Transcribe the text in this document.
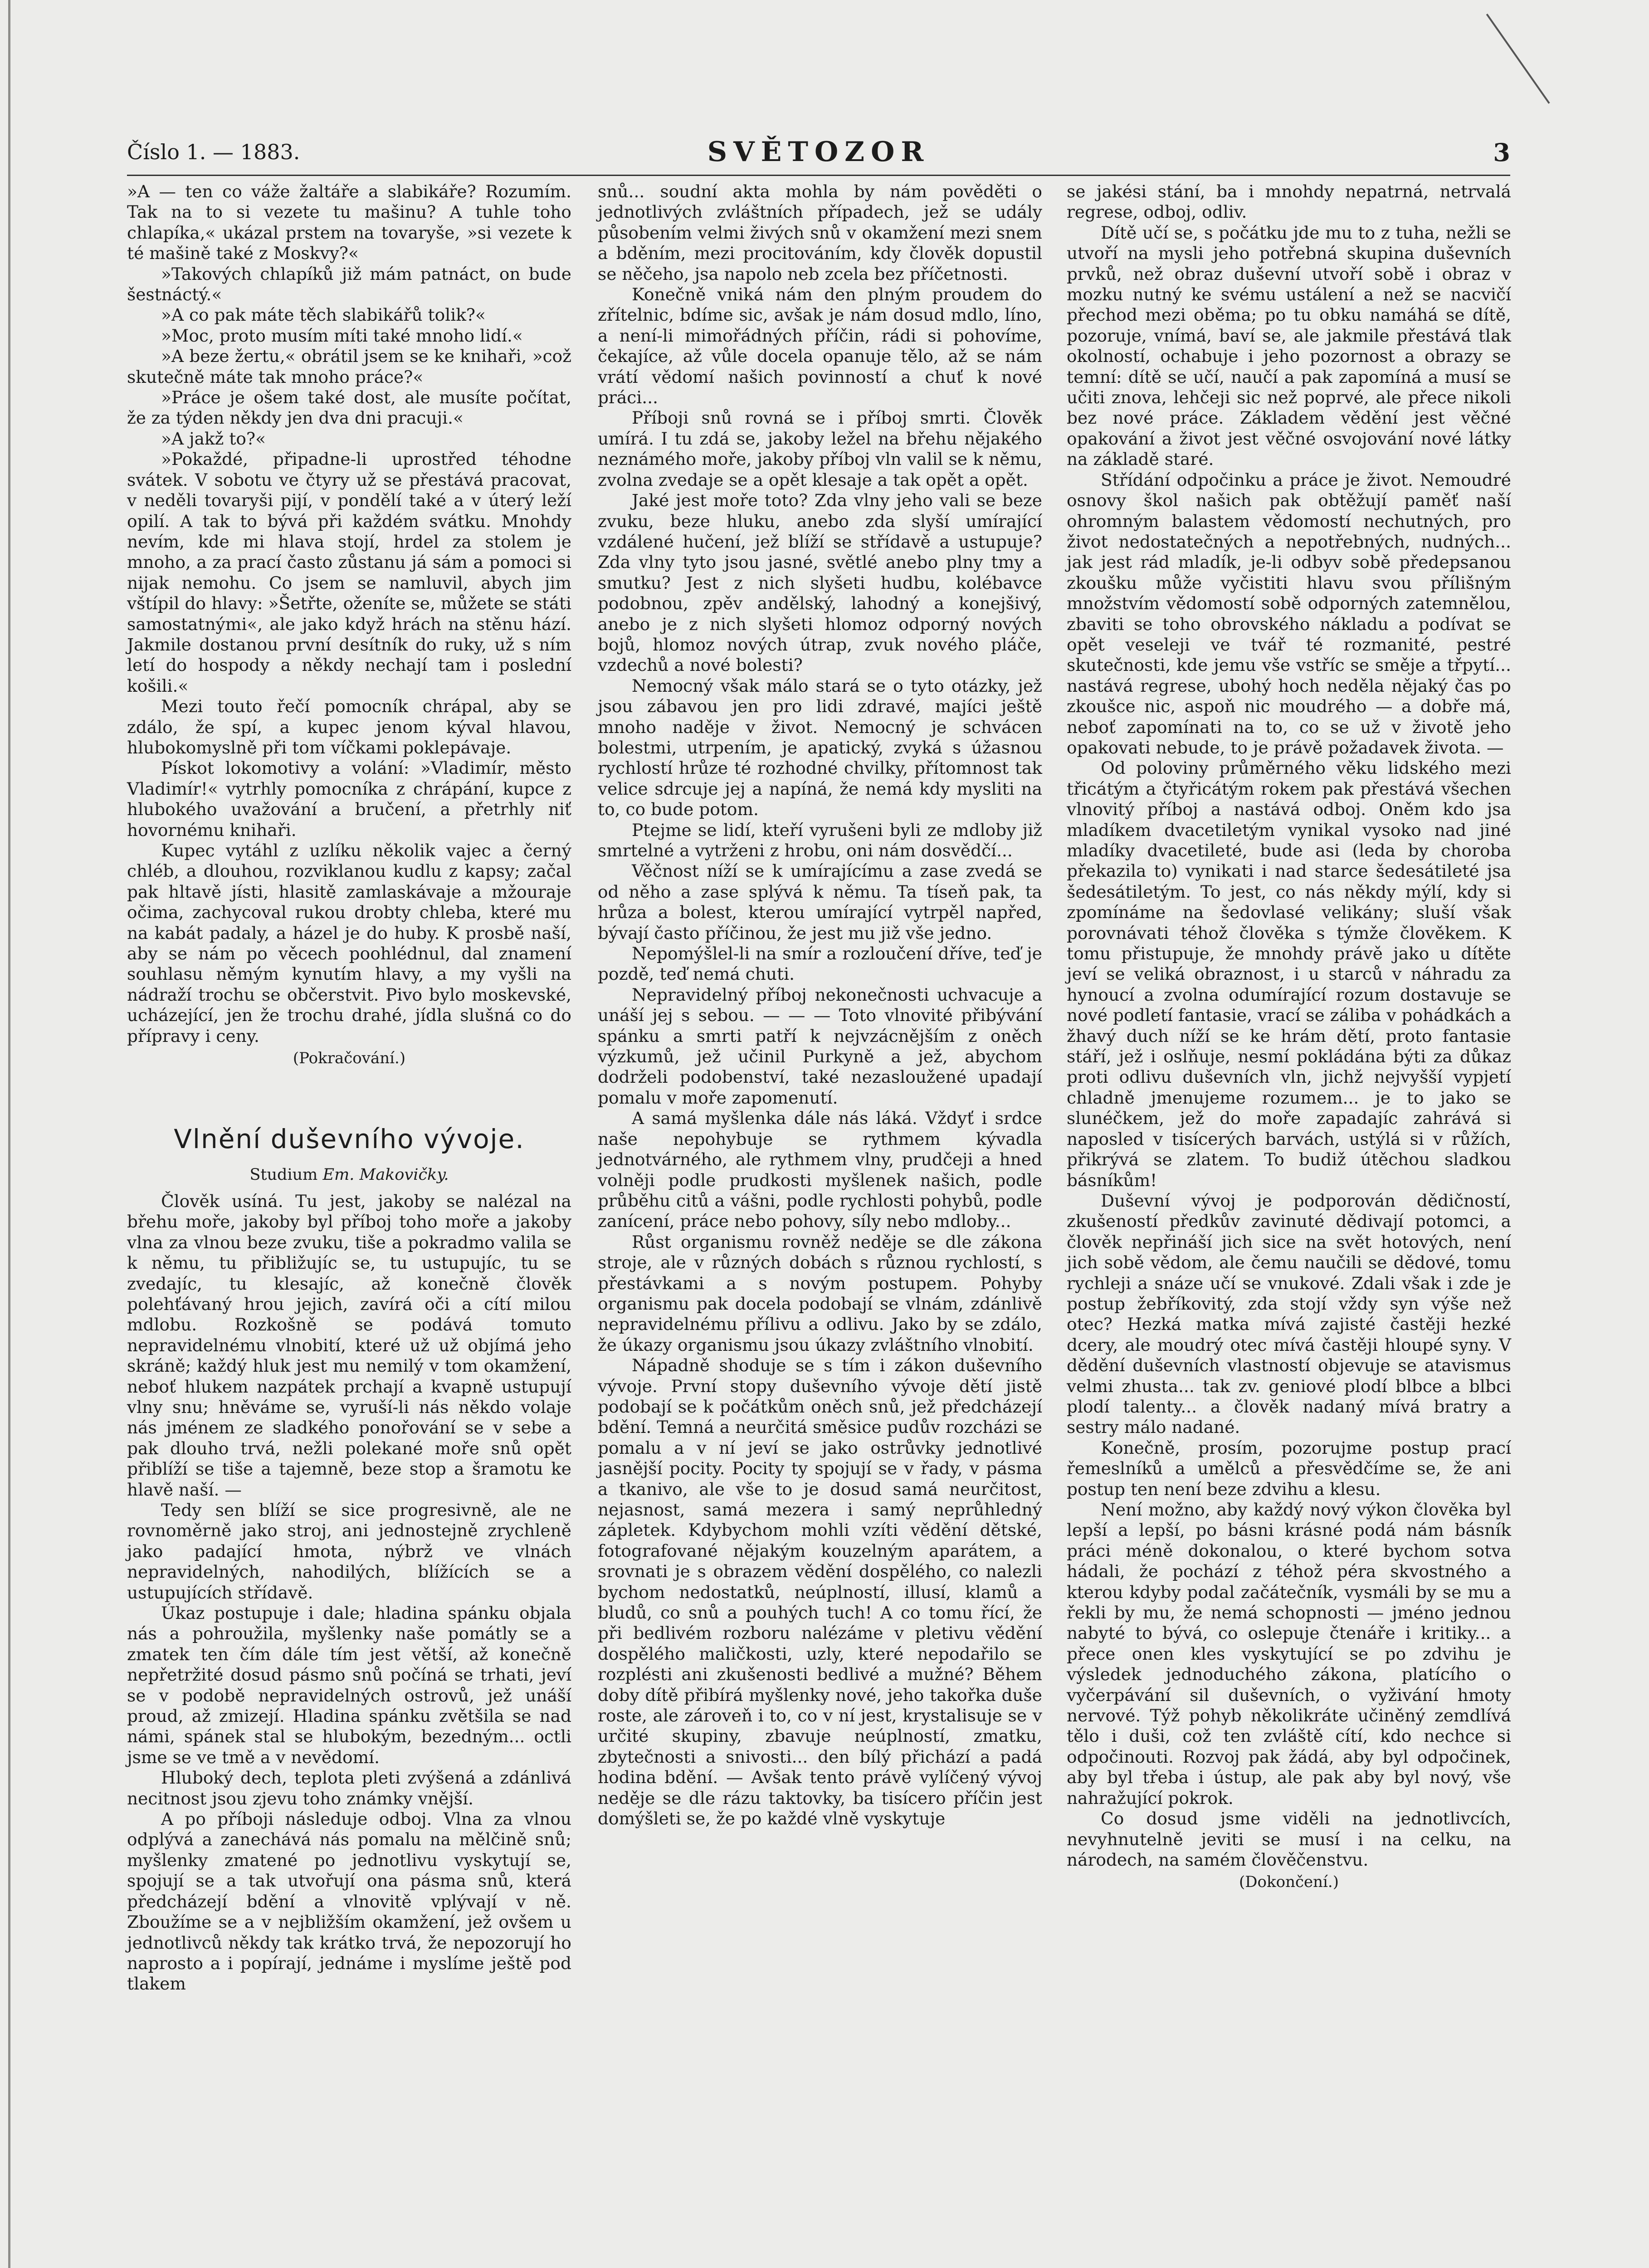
Číslo 1. — 1883.	SVĚTOZOR	3

»A — ten co váže žaltáře a slabikáře? Rozumím. Tak na to si vezete tu mašinu? A tuhle toho chlapíka,« ukázal prstem na tovaryše, »si vezete k té mašině také z Moskvy?«

»Takových chlapíků již mám patnáct, on bude šestnáctý.«

»A co pak máte těch slabikářů tolik?«

»Moc, proto musím míti také mnoho lidí.«

»A beze žertu,« obrátil jsem se ke knihaři, »což skutečně máte tak mnoho práce?«

»Práce je ošem také dost, ale musíte počítat, že za týden někdy jen dva dni pracuji.«

»A jakž to?«

»Pokaždé, připadne-li uprostřed téhodne svátek. V sobotu ve čtyry už se přestává pracovat, v neděli tovaryši pijí, v pondělí také a v úterý leží opilí. A tak to bývá při každém svátku. Mnohdy nevím, kde mi hlava stojí, hrdel za stolem je mnoho, a za prací často zůstanu já sám a pomoci si nijak nemohu. Co jsem se namluvil, abych jim vštípil do hlavy: »Šetřte, oženíte se, můžete se státi samostatnými«, ale jako když hrách na stěnu hází. Jakmile dostanou první desítník do ruky, už s ním letí do hospody a někdy nechají tam i poslední košili.«

Mezi touto řečí pomocník chrápal, aby se zdálo, že spí, a kupec jenom kýval hlavou, hlubokomyslně při tom víčkami poklepávaje.

Pískot lokomotivy a volání: »Vladimír, město Vladimír!« vytrhly pomocníka z chrápání, kupce z hlubokého uvažování a bručení, a přetrhly niť hovornému knihaři.

Kupec vytáhl z uzlíku několik vajec a černý chléb, a dlouhou, rozviklanou kudlu z kapsy; začal pak hltavě jísti, hlasitě zamlaskávaje a mžouraje očima, zachycoval rukou drobty chleba, které mu na kabát padaly, a házel je do huby. K prosbě naší, aby se nám po věcech poohlédnul, dal znamení souhlasu němým kynutím hlavy, a my vyšli na nádraží trochu se občerstvit. Pivo bylo moskevské, ucházející, jen že trochu drahé, jídla slušná co do přípravy i ceny.

(Pokračování.)
Vlnění duševního vývoje.
Studium Em. Makovičky.

Člověk usíná. Tu jest, jakoby se nalézal na břehu moře, jakoby byl příboj toho moře a jakoby vlna za vlnou beze zvuku, tiše a pokradmo valila se k němu, tu přibližujíc se, tu ustupujíc, tu se zvedajíc, tu klesajíc, až konečně člověk polehťávaný hrou jejich, zavírá oči a cítí milou mdlobu. Rozkošně se podává tomuto nepravidelnému vlnobití, které už už objímá jeho skráně; každý hluk jest mu nemilý v tom okamžení, neboť hlukem nazpátek prchají a kvapně ustupují vlny snu; hněváme se, vyruší-li nás někdo volaje nás jménem ze sladkého ponořování se v sebe a pak dlouho trvá, nežli polekané moře snů opět přiblíží se tiše a tajemně, beze stop a šramotu ke hlavě naší. —

Tedy sen blíží se sice progresivně, ale ne rovnoměrně jako stroj, ani jednostejně zrychleně jako padající hmota, nýbrž ve vlnách nepravidelných, nahodilých, blížících se a ustupujících střídavě.

Úkaz postupuje i dale; hladina spánku objala nás a pohroužila, myšlenky naše pomátly se a zmatek ten čím dále tím jest větší, až konečně nepřetržité dosud pásmo snů počíná se trhati, jeví se v podobě nepravidelných ostrovů, jež unáší proud, až zmizejí. Hladina spánku zvětšila se nad námi, spánek stal se hlubokým, bezedným... octli jsme se ve tmě a v nevědomí.

Hluboký dech, teplota pleti zvýšená a zdánlivá necitnost jsou zjevu toho známky vnější.

A po příboji následuje odboj. Vlna za vlnou odplývá a zanechává nás pomalu na mělčině snů; myšlenky zmatené po jednotlivu vyskytují se, spojují se a tak utvořují ona pásma snů, která předcházejí bdění a vlnovitě vplývají v ně. Zboužíme se a v nejbližším okamžení, jež ovšem u jednotlivců někdy tak krátko trvá, že nepozorují ho naprosto a i popírají, jednáme i myslíme ještě pod tlakem

snů... soudní akta mohla by nám pověděti o jednotlivých zvláštních případech, jež se udály působením velmi živých snů v okamžení mezi snem a bděním, mezi procitováním, kdy člověk dopustil se něčeho, jsa napolo neb zcela bez příčetnosti.

Konečně vniká nám den plným proudem do zřítelnic, bdíme sic, avšak je nám dosud mdlo, líno, a není-li mimořádných příčin, rádi si pohovíme, čekajíce, až vůle docela opanuje tělo, až se nám vrátí vědomí našich povinností a chuť k nové práci...

Příboji snů rovná se i příboj smrti. Člověk umírá. I tu zdá se, jakoby ležel na břehu nějakého neznámého moře, jakoby příboj vln valil se k němu, zvolna zvedaje se a opět klesaje a tak opět a opět.

Jaké jest moře toto? Zda vlny jeho vali se beze zvuku, beze hluku, anebo zda slyší umírající vzdálené hučení, jež blíží se střídavě a ustupuje? Zda vlny tyto jsou jasné, světlé anebo plny tmy a smutku? Jest z nich slyšeti hudbu, kolébavce podobnou, zpěv andělský, lahodný a konejšivý, anebo je z nich slyšeti hlomoz odporný nových bojů, hlomoz nových útrap, zvuk nového pláče, vzdechů a nové bolesti?

Nemocný však málo stará se o tyto otázky, jež jsou zábavou jen pro lidi zdravé, majíci ještě mnoho naděje v život. Nemocný je schvácen bolestmi, utrpením, je apatický, zvyká s úžasnou rychlostí hrůze té rozhodné chvilky, přítomnost tak velice sdrcuje jej a napíná, že nemá kdy mysliti na to, co bude potom.

Ptejme se lidí, kteří vyrušeni byli ze mdloby již smrtelné a vytrženi z hrobu, oni nám dosvědčí...

Věčnost níží se k umírajícímu a zase zvedá se od něho a zase splývá k němu. Ta tíseň pak, ta hrůza a bolest, kterou umírající vytrpěl napřed, bývají často příčinou, že jest mu již vše jedno.

Nepomýšlel-li na smír a rozloučení dříve, teď je pozdě, teď nemá chuti.

Nepravidelný příboj nekonečnosti uchvacuje a unáší jej s sebou. — — — Toto vlnovité přibývání spánku a smrti patří k nejvzácnějším z oněch výzkumů, jež učinil Purkyně a jež, abychom dodrželi podobenství, také nezasloužené upadají pomalu v moře zapomenutí.

A samá myšlenka dále nás láká. Vždyť i srdce naše nepohybuje se rythmem kývadla jednotvárného, ale rythmem vlny, prudčeji a hned volněji podle prudkosti myšlenek našich, podle průběhu citů a vášni, podle rychlosti pohybů, podle zanícení, práce nebo pohovy, síly nebo mdloby...

Růst organismu rovněž neděje se dle zákona stroje, ale v různých dobách s různou rychlostí, s přestávkami a s novým postupem. Pohyby organismu pak docela podobají se vlnám, zdánlivě nepravidelnému přílivu a odlivu. Jako by se zdálo, že úkazy organismu jsou úkazy zvláštního vlnobití.

Nápadně shoduje se s tím i zákon duševního vývoje. První stopy duševního vývoje dětí jistě podobají se k počátkům oněch snů, jež předcházejí bdění. Temná a neurčitá směsice pudův rozcházi se pomalu a v ní jeví se jako ostrůvky jednotlivé jasnější pocity. Pocity ty spojují se v řady, v pásma a tkanivo, ale vše to je dosud samá neurčitost, nejasnost, samá mezera i samý neprůhledný zápletek. Kdybychom mohli vzíti vědění dětské, fotografované nějakým kouzelným aparátem, a srovnati je s obrazem vědění dospělého, co nalezli bychom nedostatků, neúplností, illusí, klamů a bludů, co snů a pouhých tuch! A co tomu řící, že při bedlivém rozboru nalézáme v pletivu vědění dospělého maličkosti, uzly, které nepodařilo se rozplésti ani zkušenosti bedlivé a mužné? Během doby dítě přibírá myšlenky nové, jeho takořka duše roste, ale zároveň i to, co v ní jest, krystalisuje se v určité skupiny, zbavuje neúplností, zmatku, zbytečnosti a snivosti... den bílý přichází a padá hodina bdění. — Avšak tento právě vylíčený vývoj neděje se dle rázu taktovky, ba tisícero příčin jest domýšleti se, že po každé vlně vyskytuje

se jakési stání, ba i mnohdy nepatrná, netrvalá regrese, odboj, odliv.

Dítě učí se, s počátku jde mu to z tuha, nežli se utvoří na mysli jeho potřebná skupina duševních prvků, než obraz duševní utvoří sobě i obraz v mozku nutný ke svému ustálení a než se nacvičí přechod mezi oběma; po tu obku namáhá se dítě, pozoruje, vnímá, baví se, ale jakmile přestává tlak okolností, ochabuje i jeho pozornost a obrazy se temní: dítě se učí, naučí a pak zapomíná a musí se učiti znova, lehčeji sic než poprvé, ale přece nikoli bez nové práce. Základem vědění jest věčné opakování a život jest věčné osvojování nové látky na základě staré.

Střídání odpočinku a práce je život. Nemoudré osnovy škol našich pak obtěžují paměť naší ohromným balastem vědomostí nechutných, pro život nedostatečných a nepotřebných, nudných... jak jest rád mladík, je-li odbyv sobě předepsanou zkoušku může vyčistiti hlavu svou přílišným množstvím vědomostí sobě odporných zatemnělou, zbaviti se toho obrovského nákladu a podívat se opět veseleji ve tvář té rozmanité, pestré skutečnosti, kde jemu vše vstříc se směje a třpytí... nastává regrese, ubohý hoch neděla nějaký čas po zkoušce nic, aspoň nic moudrého — a dobře má, neboť zapomínati na to, co se už v životě jeho opakovati nebude, to je právě požadavek života. —

Od poloviny průměrného věku lidského mezi třicátým a čtyřicátým rokem pak přestává všechen vlnovitý příboj a nastává odboj. Oněm kdo jsa mladíkem dvacetiletým vynikal vysoko nad jiné mladíky dvacetileté, bude asi (leda by choroba překazila to) vynikati i nad starce šedesátileté jsa šedesátiletým. To jest, co nás někdy mýlí, kdy si zpomínáme na šedovlasé velikány; sluší však porovnávati téhož člověka s týmže člověkem. K tomu přistupuje, že mnohdy právě jako u dítěte jeví se veliká obraznost, i u starců v náhradu za hynoucí a zvolna odumírající rozum dostavuje se nové podletí fantasie, vrací se záliba v pohádkách a žhavý duch níží se ke hrám dětí, proto fantasie stáří, jež i oslňuje, nesmí pokládána býti za důkaz proti odlivu duševních vln, jichž nejvyšší vypjetí chladně jmenujeme rozumem... je to jako se slunéčkem, jež do moře zapadajíc zahrává si naposled v tisícerých barvách, ustýlá si v růžích, přikrývá se zlatem. To budiž útěchou sladkou básníkům!

Duševní vývoj je podporován dědičností, zkušeností předkův zavinuté dědivají potomci, a člověk nepřináší jich sice na svět hotových, není jich sobě vědom, ale čemu naučili se dědové, tomu rychleji a snáze učí se vnukové. Zdali však i zde je postup žebříkovitý, zda stojí vždy syn výše než otec? Hezká matka mívá zajisté častěji hezké dcery, ale moudrý otec mívá častěji hloupé syny. V dědění duševních vlastností objevuje se atavismus velmi zhusta... tak zv. geniové plodí blbce a blbci plodí talenty... a člověk nadaný mívá bratry a sestry málo nadané.

Konečně, prosím, pozorujme postup prací řemeslníků a umělců a přesvědčíme se, že ani postup ten není beze zdvihu a klesu.

Není možno, aby každý nový výkon člověka byl lepší a lepší, po básni krásné podá nám básník práci méně dokonalou, o které bychom sotva hádali, že pochází z téhož péra skvostného a kterou kdyby podal začátečník, vysmáli by se mu a řekli by mu, že nemá schopnosti — jméno jednou nabyté to bývá, co oslepuje čtenáře i kritiky... a přece onen kles vyskytující se po zdvihu je výsledek jednoduchého zákona, platícího o vyčerpávání sil duševních, o vyživání hmoty nervové. Týž pohyb několikráte učiněný zemdlívá tělo i duši, což ten zvláště cítí, kdo nechce si odpočinouti. Rozvoj pak žádá, aby byl odpočinek, aby byl třeba i ústup, ale pak aby byl nový, vše nahražující pokrok.

Co dosud jsme viděli na jednotlivcích, nevyhnutelně jeviti se musí i na celku, na národech, na samém člověčenstvu.

(Dokončení.)
